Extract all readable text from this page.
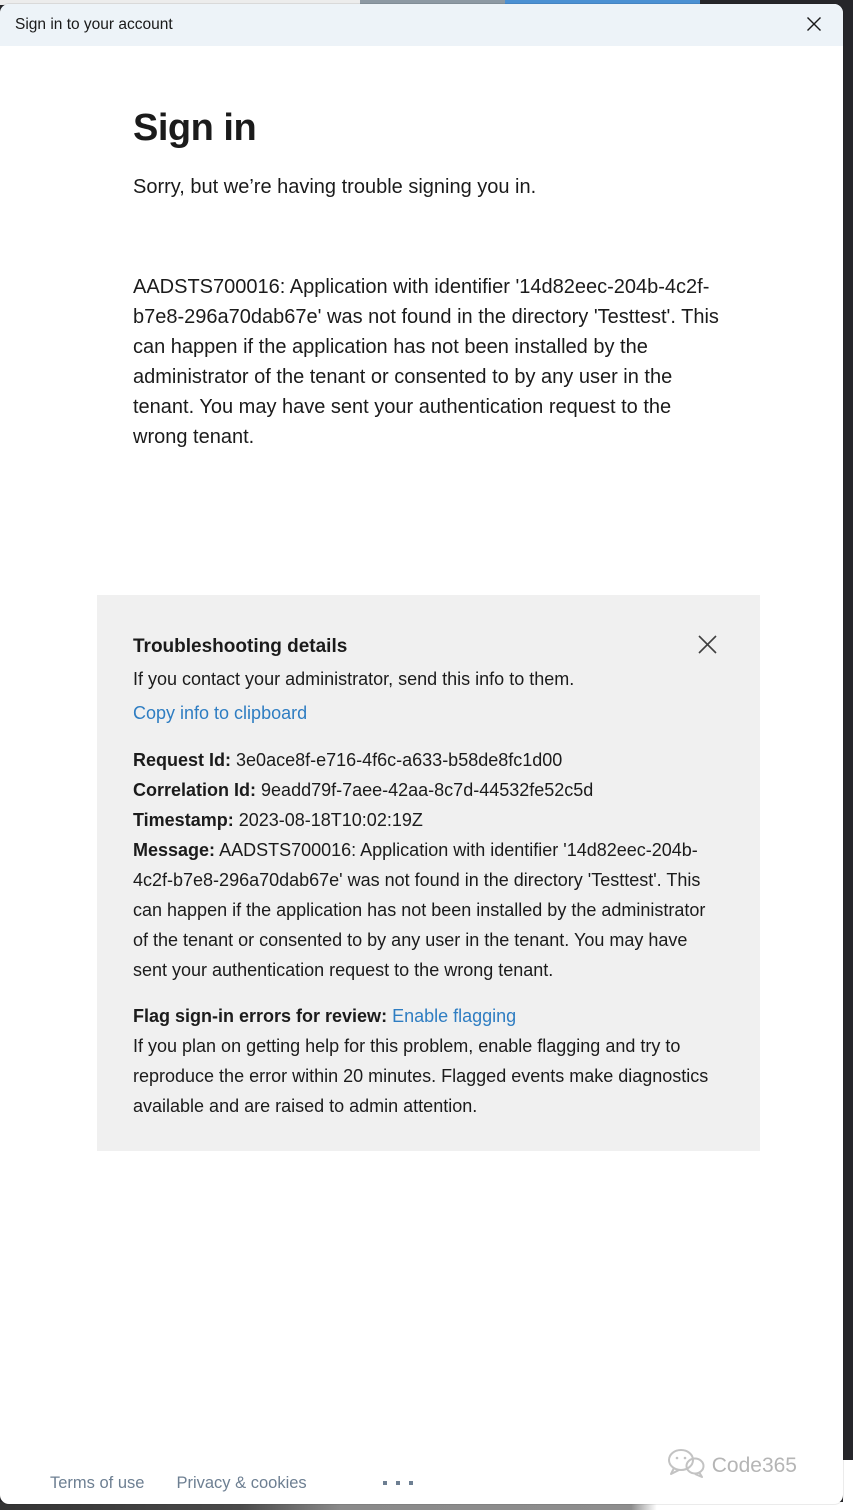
Sign in to your account
Sign in

Sorry, but we’re having trouble signing you in.

AADSTS700016: Application with identifier '14d82eec-204b-4c2f-b7e8-296a70dab67e' was not found in the directory 'Testtest'. This can happen if the application has not been installed by the administrator of the tenant or consented to by any user in the tenant. You may have sent your authentication request to the wrong tenant.

Troubleshooting details

If you contact your administrator, send this info to them.

Copy info to clipboard

Request Id: 3e0ace8f-e716-4f6c-a633-b58de8fc1d00

Correlation Id: 9eadd79f-7aee-42aa-8c7d-44532fe52c5d

Timestamp: 2023-08-18T10:02:19Z

Message: AADSTS700016: Application with identifier '14d82eec-204b-4c2f-b7e8-296a70dab67e' was not found in the directory 'Testtest'. This can happen if the application has not been installed by the administrator of the tenant or consented to by any user in the tenant. You may have sent your authentication request to the wrong tenant.

Flag sign-in errors for review: Enable flagging

If you plan on getting help for this problem, enable flagging and try to reproduce the error within 20 minutes. Flagged events make diagnostics available and are raised to admin attention.

Terms of use Privacy & cookies
Code365
